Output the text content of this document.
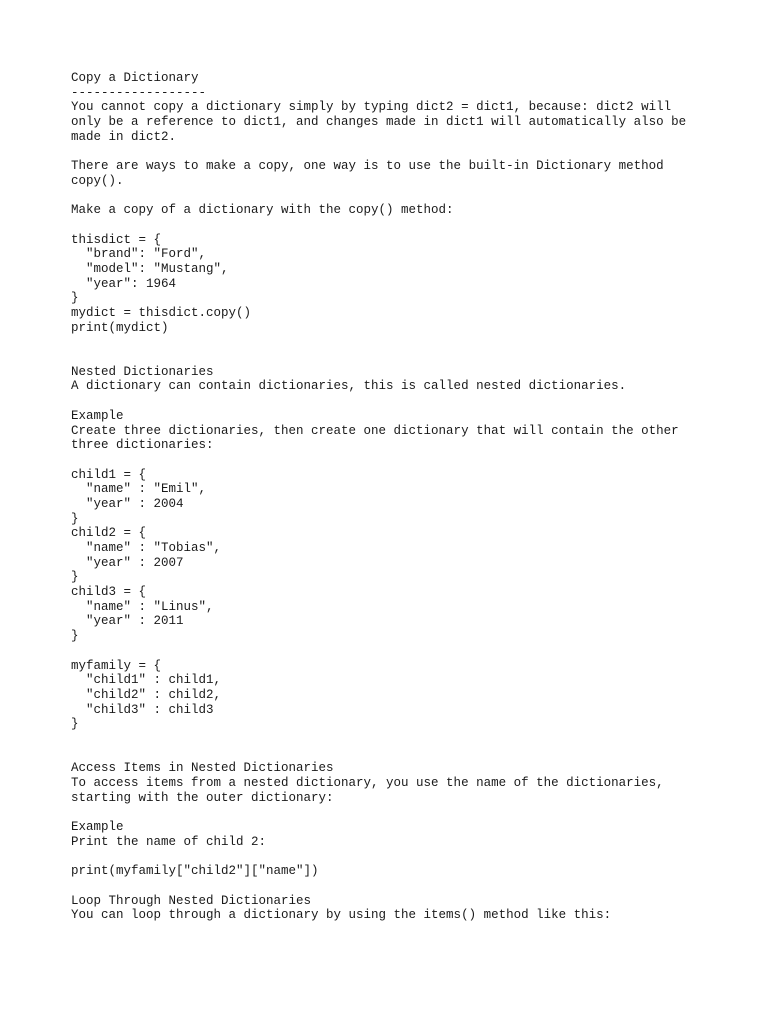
Copy a Dictionary
------------------
You cannot copy a dictionary simply by typing dict2 = dict1, because: dict2 will
only be a reference to dict1, and changes made in dict1 will automatically also be
made in dict2.
There are ways to make a copy, one way is to use the built-in Dictionary method
copy().
Make a copy of a dictionary with the copy() method:
thisdict = {
"brand": "Ford",
"model": "Mustang",
"year": 1964
}
mydict = thisdict.copy()
print(mydict)
Nested Dictionaries
A dictionary can contain dictionaries, this is called nested dictionaries.
Example
Create three dictionaries, then create one dictionary that will contain the other
three dictionaries:
child1 = {
"name" : "Emil",
"year" : 2004
}
child2 = {
"name" : "Tobias",
"year" : 2007
}
child3 = {
"name" : "Linus",
"year" : 2011
}
myfamily = {
"child1" : child1,
"child2" : child2,
"child3" : child3
}
Access Items in Nested Dictionaries
To access items from a nested dictionary, you use the name of the dictionaries,
starting with the outer dictionary:
Example
Print the name of child 2:
print(myfamily["child2"]["name"])
Loop Through Nested Dictionaries
You can loop through a dictionary by using the items() method like this:
